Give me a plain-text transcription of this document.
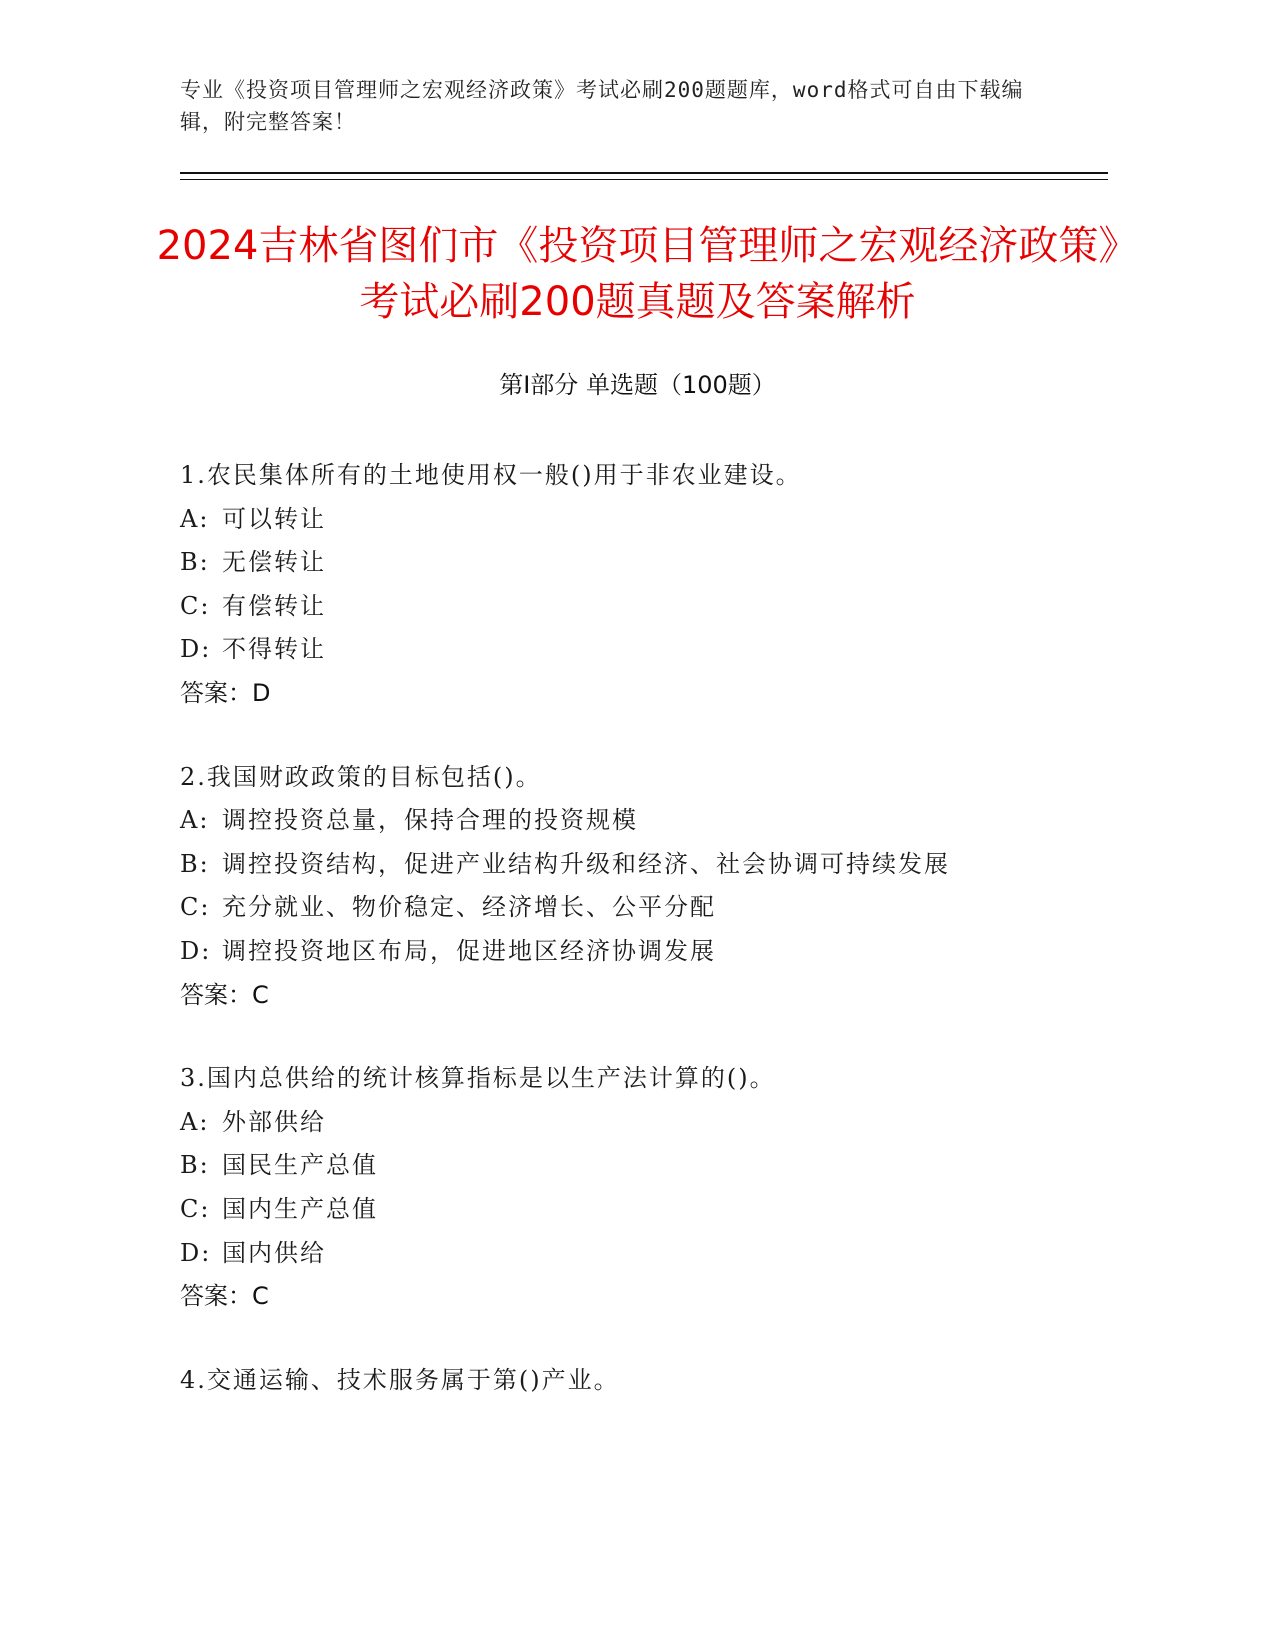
专业《投资项目管理师之宏观经济政策》考试必刷200题题库，word格式可自由下载编辑，附完整答案！
2024吉林省图们市《投资项目管理师之宏观经济政策》考试必刷200题真题及答案解析
第Ⅰ部分 单选题（100题）
1.农民集体所有的土地使用权一般()用于非农业建设。
A: 可以转让
B: 无偿转让
C: 有偿转让
D: 不得转让
答案：D
2.我国财政政策的目标包括()。
A: 调控投资总量，保持合理的投资规模
B: 调控投资结构，促进产业结构升级和经济、社会协调可持续发展
C: 充分就业、物价稳定、经济增长、公平分配
D: 调控投资地区布局，促进地区经济协调发展
答案：C
3.国内总供给的统计核算指标是以生产法计算的()。
A: 外部供给
B: 国民生产总值
C: 国内生产总值
D: 国内供给
答案：C
4.交通运输、技术服务属于第()产业。
